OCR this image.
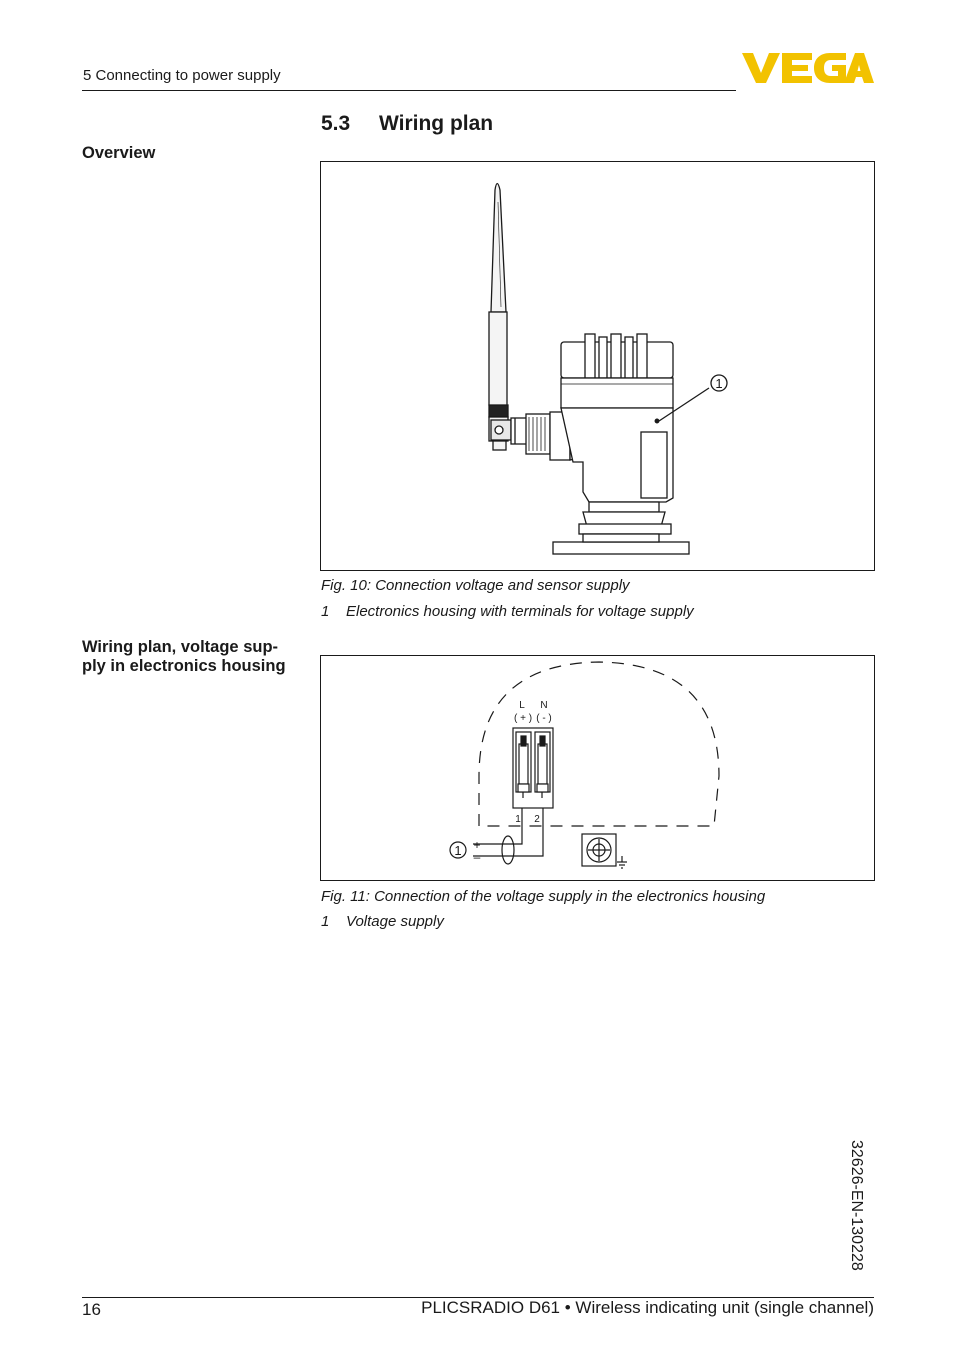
5 Connecting to power supply
5.3 Wiring plan
Overview
1
Fig. 10: Connection voltage and sensor supply
1 Electronics housing with terminals for voltage supply
Wiring plan, voltage sup-
ply in electronics housing
L N
( + ) ( - )
1 2
1 +
–
Fig. 11: Connection of the voltage supply in the electronics housing
1 Voltage supply
32626-EN-130228
16	PLICSRADIO D61 • Wireless indicating unit (single channel)
